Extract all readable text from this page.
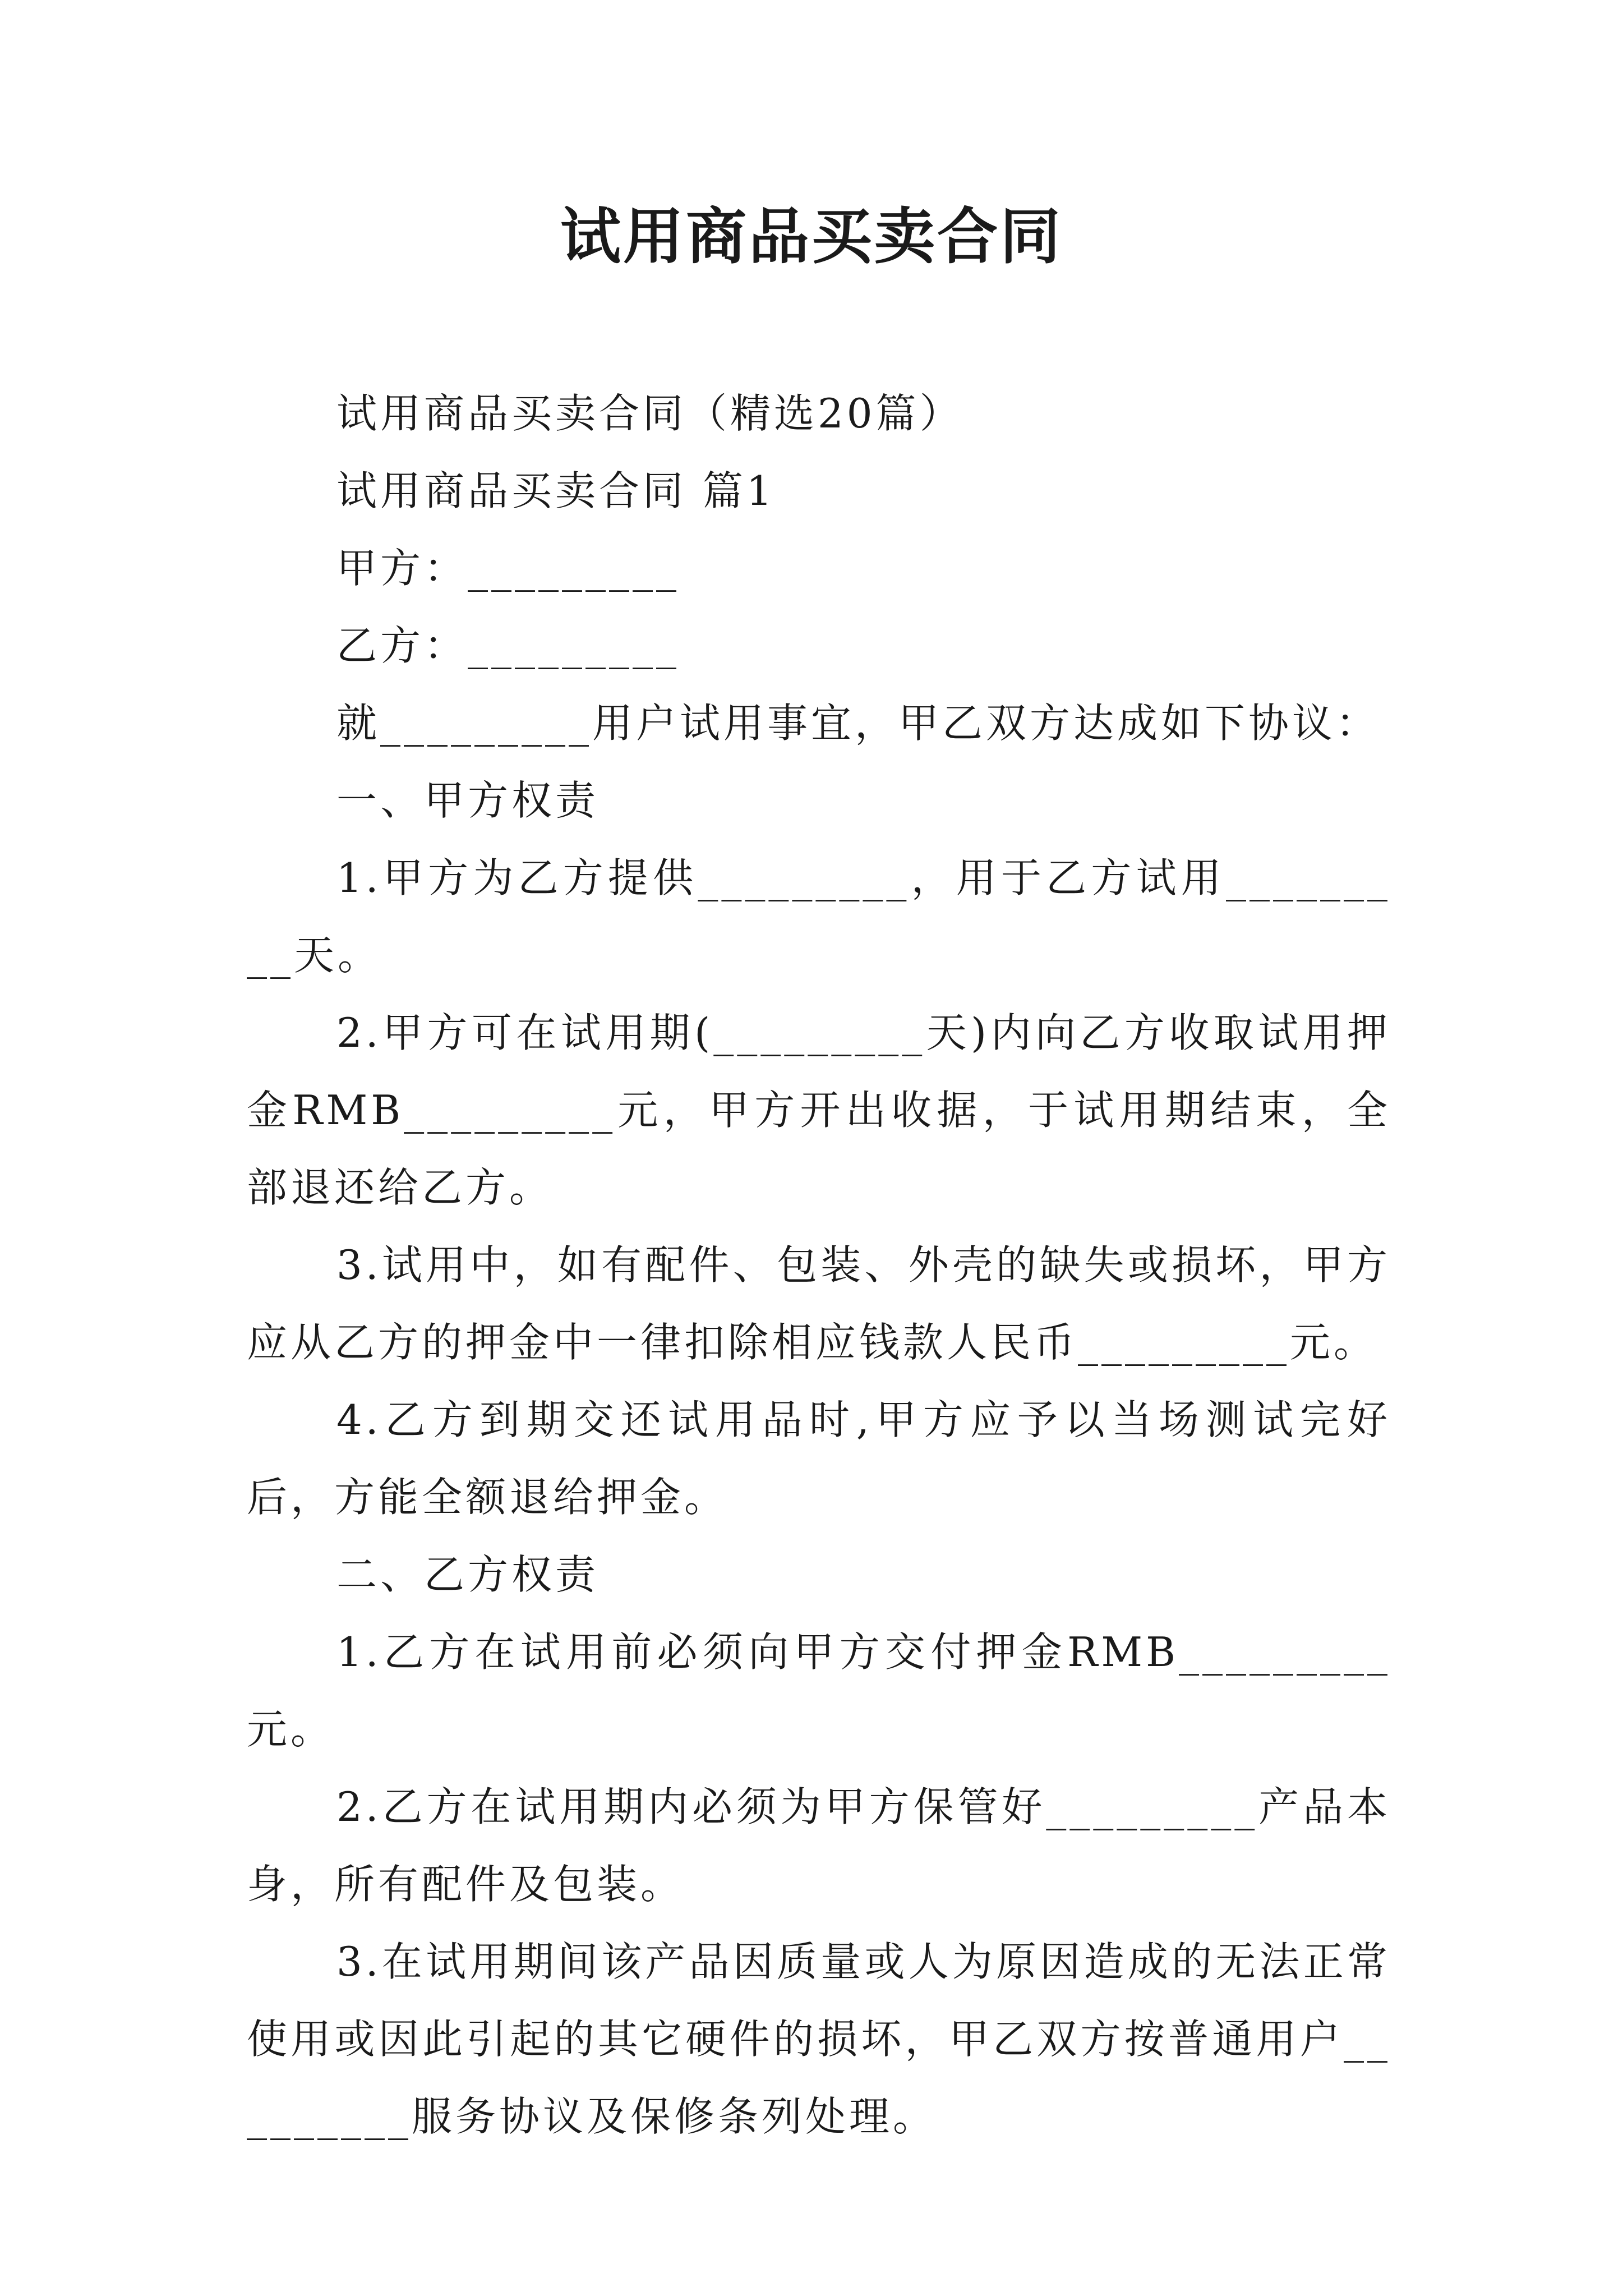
试用商品买卖合同

试用商品买卖合同（精选20篇）

试用商品买卖合同 篇1

甲方：_________

乙方：_________

就_________用户试用事宜，甲乙双方达成如下协议：

一、甲方权责

1.甲方为乙方提供_________，用于乙方试用_________天。

2.甲方可在试用期(_________天)内向乙方收取试用押金RMB_________元，甲方开出收据，于试用期结束，全部退还给乙方。

3.试用中，如有配件、包装、外壳的缺失或损坏，甲方应从乙方的押金中一律扣除相应钱款人民币_________元。

4.乙方到期交还试用品时,甲方应予以当场测试完好后，方能全额退给押金。

二、乙方权责

1.乙方在试用前必须向甲方交付押金RMB_________元。

2.乙方在试用期内必须为甲方保管好_________产品本身，所有配件及包装。

3.在试用期间该产品因质量或人为原因造成的无法正常使用或因此引起的其它硬件的损坏，甲乙双方按普通用户_________服务协议及保修条列处理。
